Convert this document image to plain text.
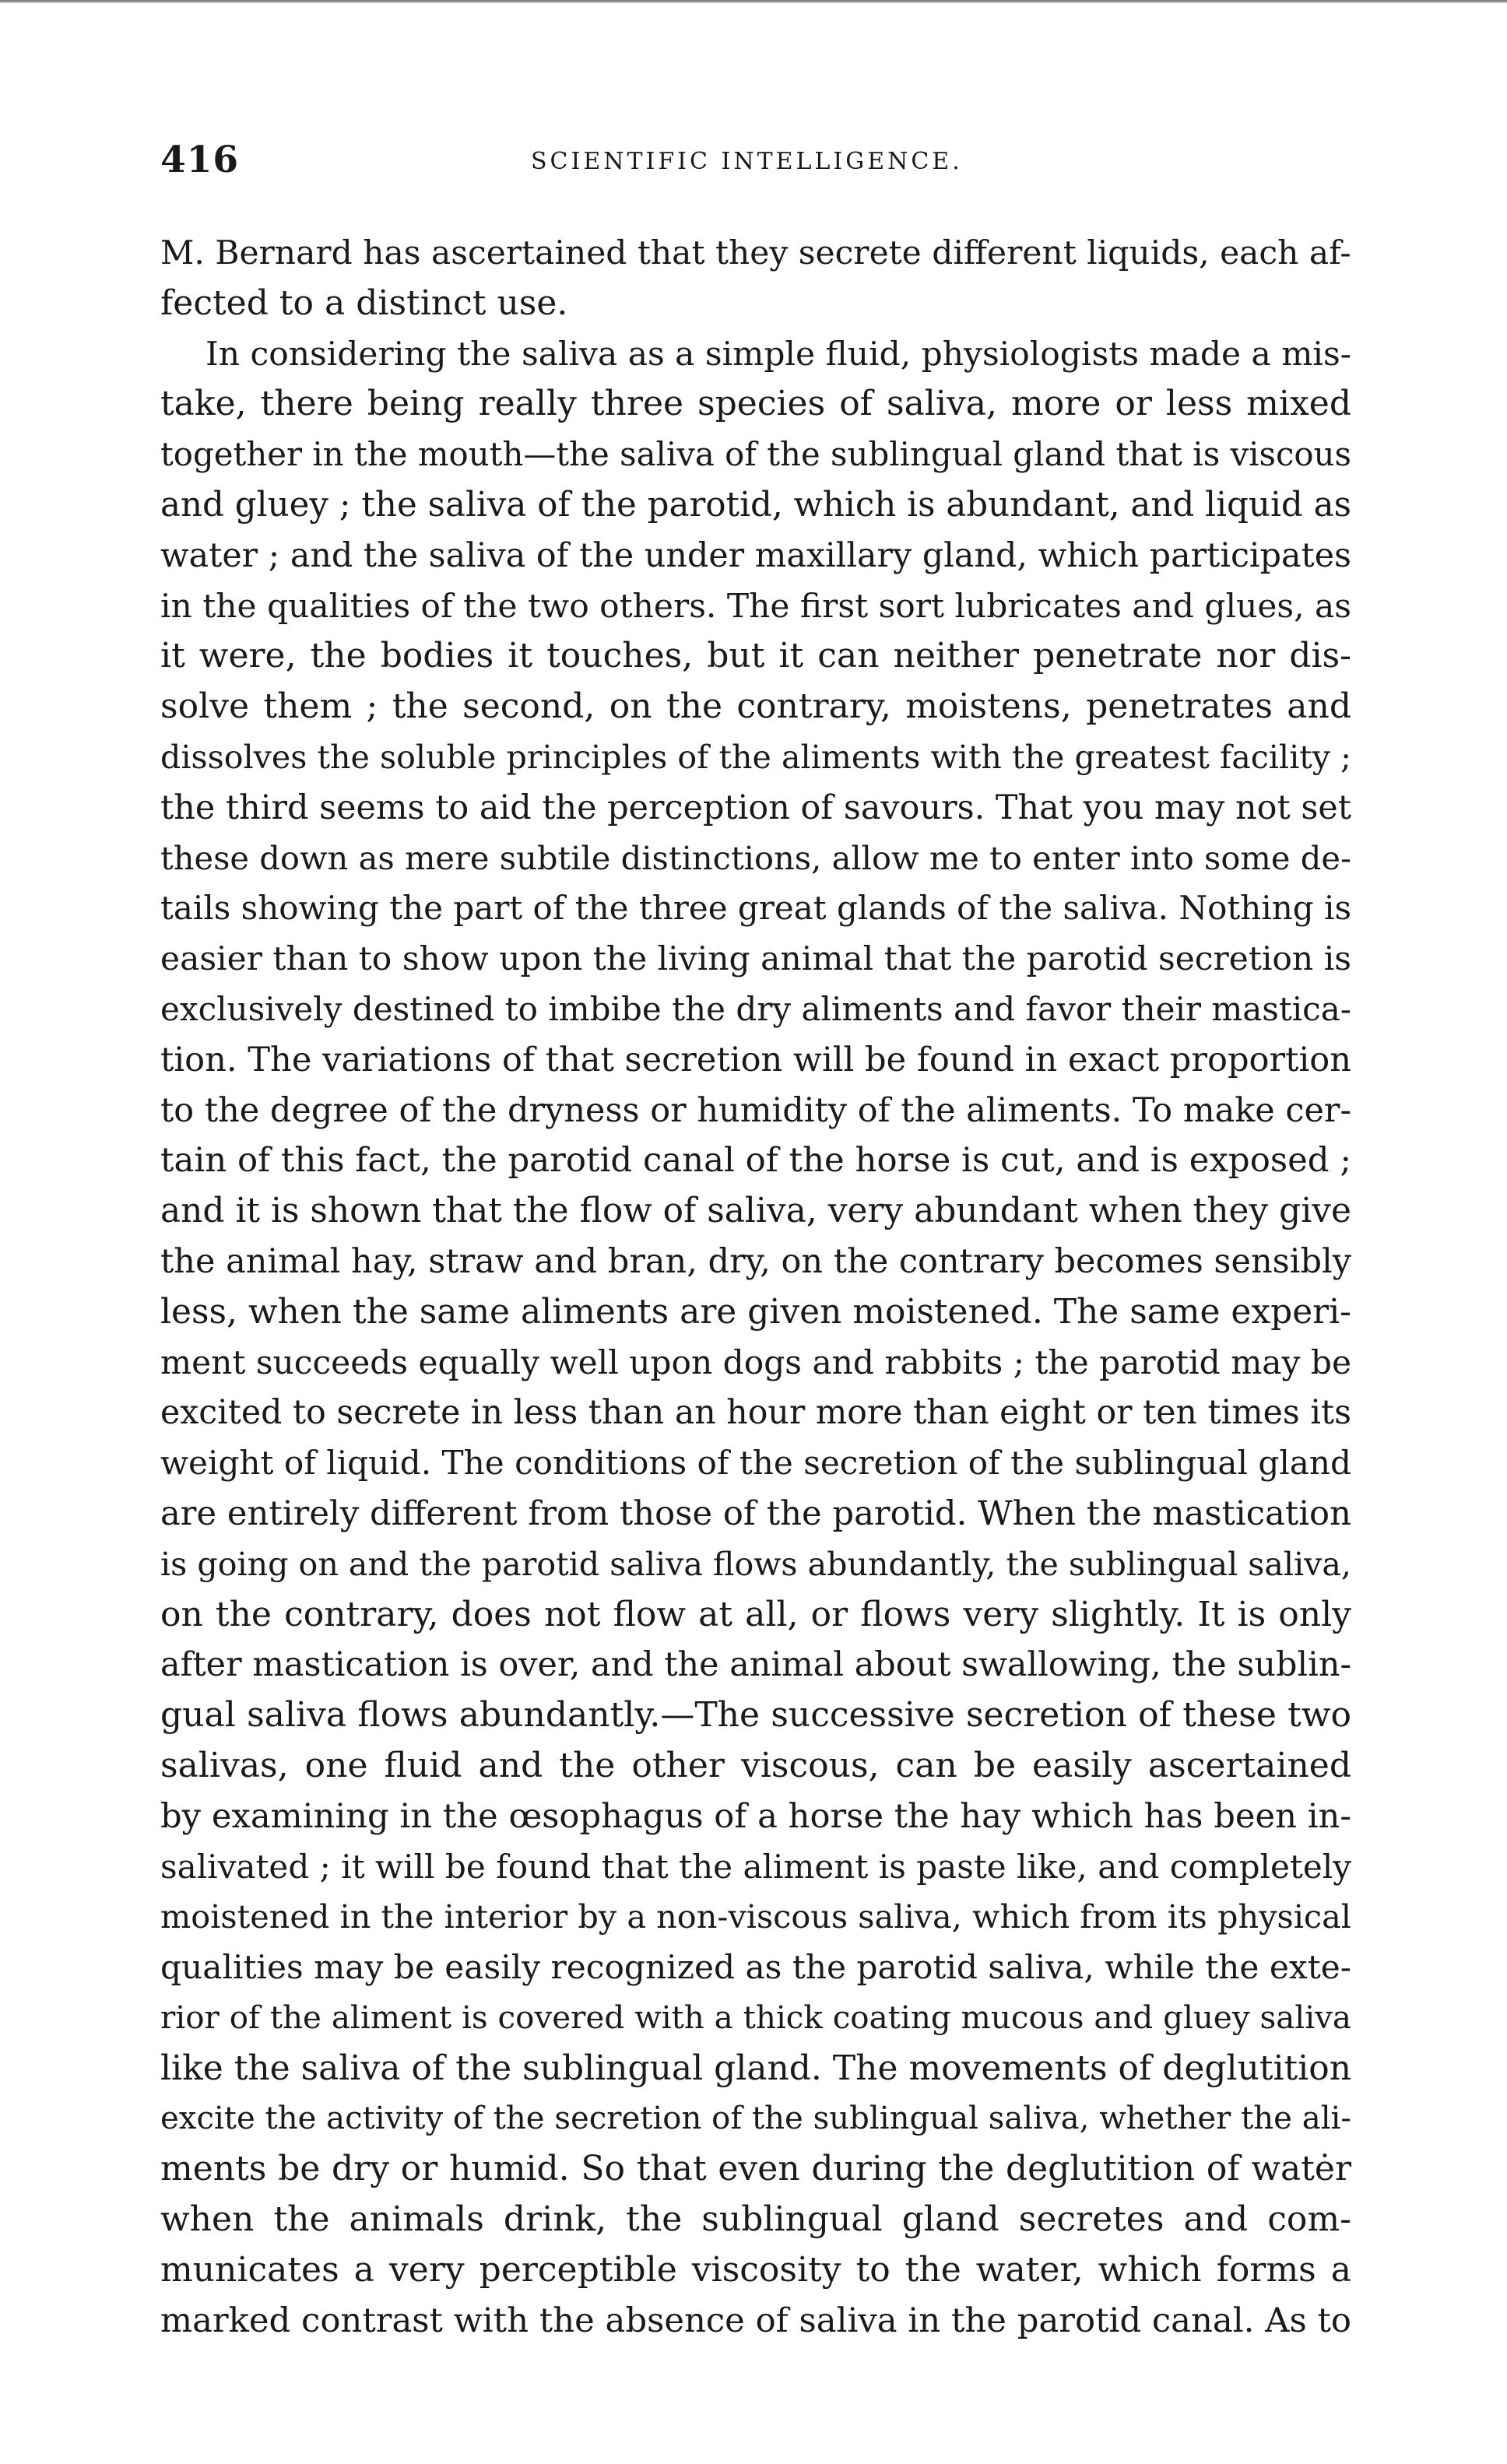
416	SCIENTIFIC INTELLIGENCE.
M. Bernard has ascertained that they secrete different liquids, each af-
fected to a distinct use.
In considering the saliva as a simple fluid, physiologists made a mis-
take, there being really three species of saliva, more or less mixed
together in the mouth—the saliva of the sublingual gland that is viscous
and gluey ; the saliva of the parotid, which is abundant, and liquid as
water ; and the saliva of the under maxillary gland, which participates
in the qualities of the two others. The first sort lubricates and glues, as
it were, the bodies it touches, but it can neither penetrate nor dis-
solve them ; the second, on the contrary, moistens, penetrates and
dissolves the soluble principles of the aliments with the greatest facility ;
the third seems to aid the perception of savours. That you may not set
these down as mere subtile distinctions, allow me to enter into some de-
tails showing the part of the three great glands of the saliva. Nothing is
easier than to show upon the living animal that the parotid secretion is
exclusively destined to imbibe the dry aliments and favor their mastica-
tion. The variations of that secretion will be found in exact proportion
to the degree of the dryness or humidity of the aliments. To make cer-
tain of this fact, the parotid canal of the horse is cut, and is exposed ;
and it is shown that the flow of saliva, very abundant when they give
the animal hay, straw and bran, dry, on the contrary becomes sensibly
less, when the same aliments are given moistened. The same experi-
ment succeeds equally well upon dogs and rabbits ; the parotid may be
excited to secrete in less than an hour more than eight or ten times its
weight of liquid. The conditions of the secretion of the sublingual gland
are entirely different from those of the parotid. When the mastication
is going on and the parotid saliva flows abundantly, the sublingual saliva,
on the contrary, does not flow at all, or flows very slightly. It is only
after mastication is over, and the animal about swallowing, the sublin-
gual saliva flows abundantly.—The successive secretion of these two
salivas, one fluid and the other viscous, can be easily ascertained
by examining in the œsophagus of a horse the hay which has been in-
salivated ; it will be found that the aliment is paste like, and completely
moistened in the interior by a non-viscous saliva, which from its physical
qualities may be easily recognized as the parotid saliva, while the exte-
rior of the aliment is covered with a thick coating mucous and gluey saliva
like the saliva of the sublingual gland. The movements of deglutition
excite the activity of the secretion of the sublingual saliva, whether the ali-
ments be dry or humid. So that even during the deglutition of watėr
when the animals drink, the sublingual gland secretes and com-
municates a very perceptible viscosity to the water, which forms a
marked contrast with the absence of saliva in the parotid canal. As to
